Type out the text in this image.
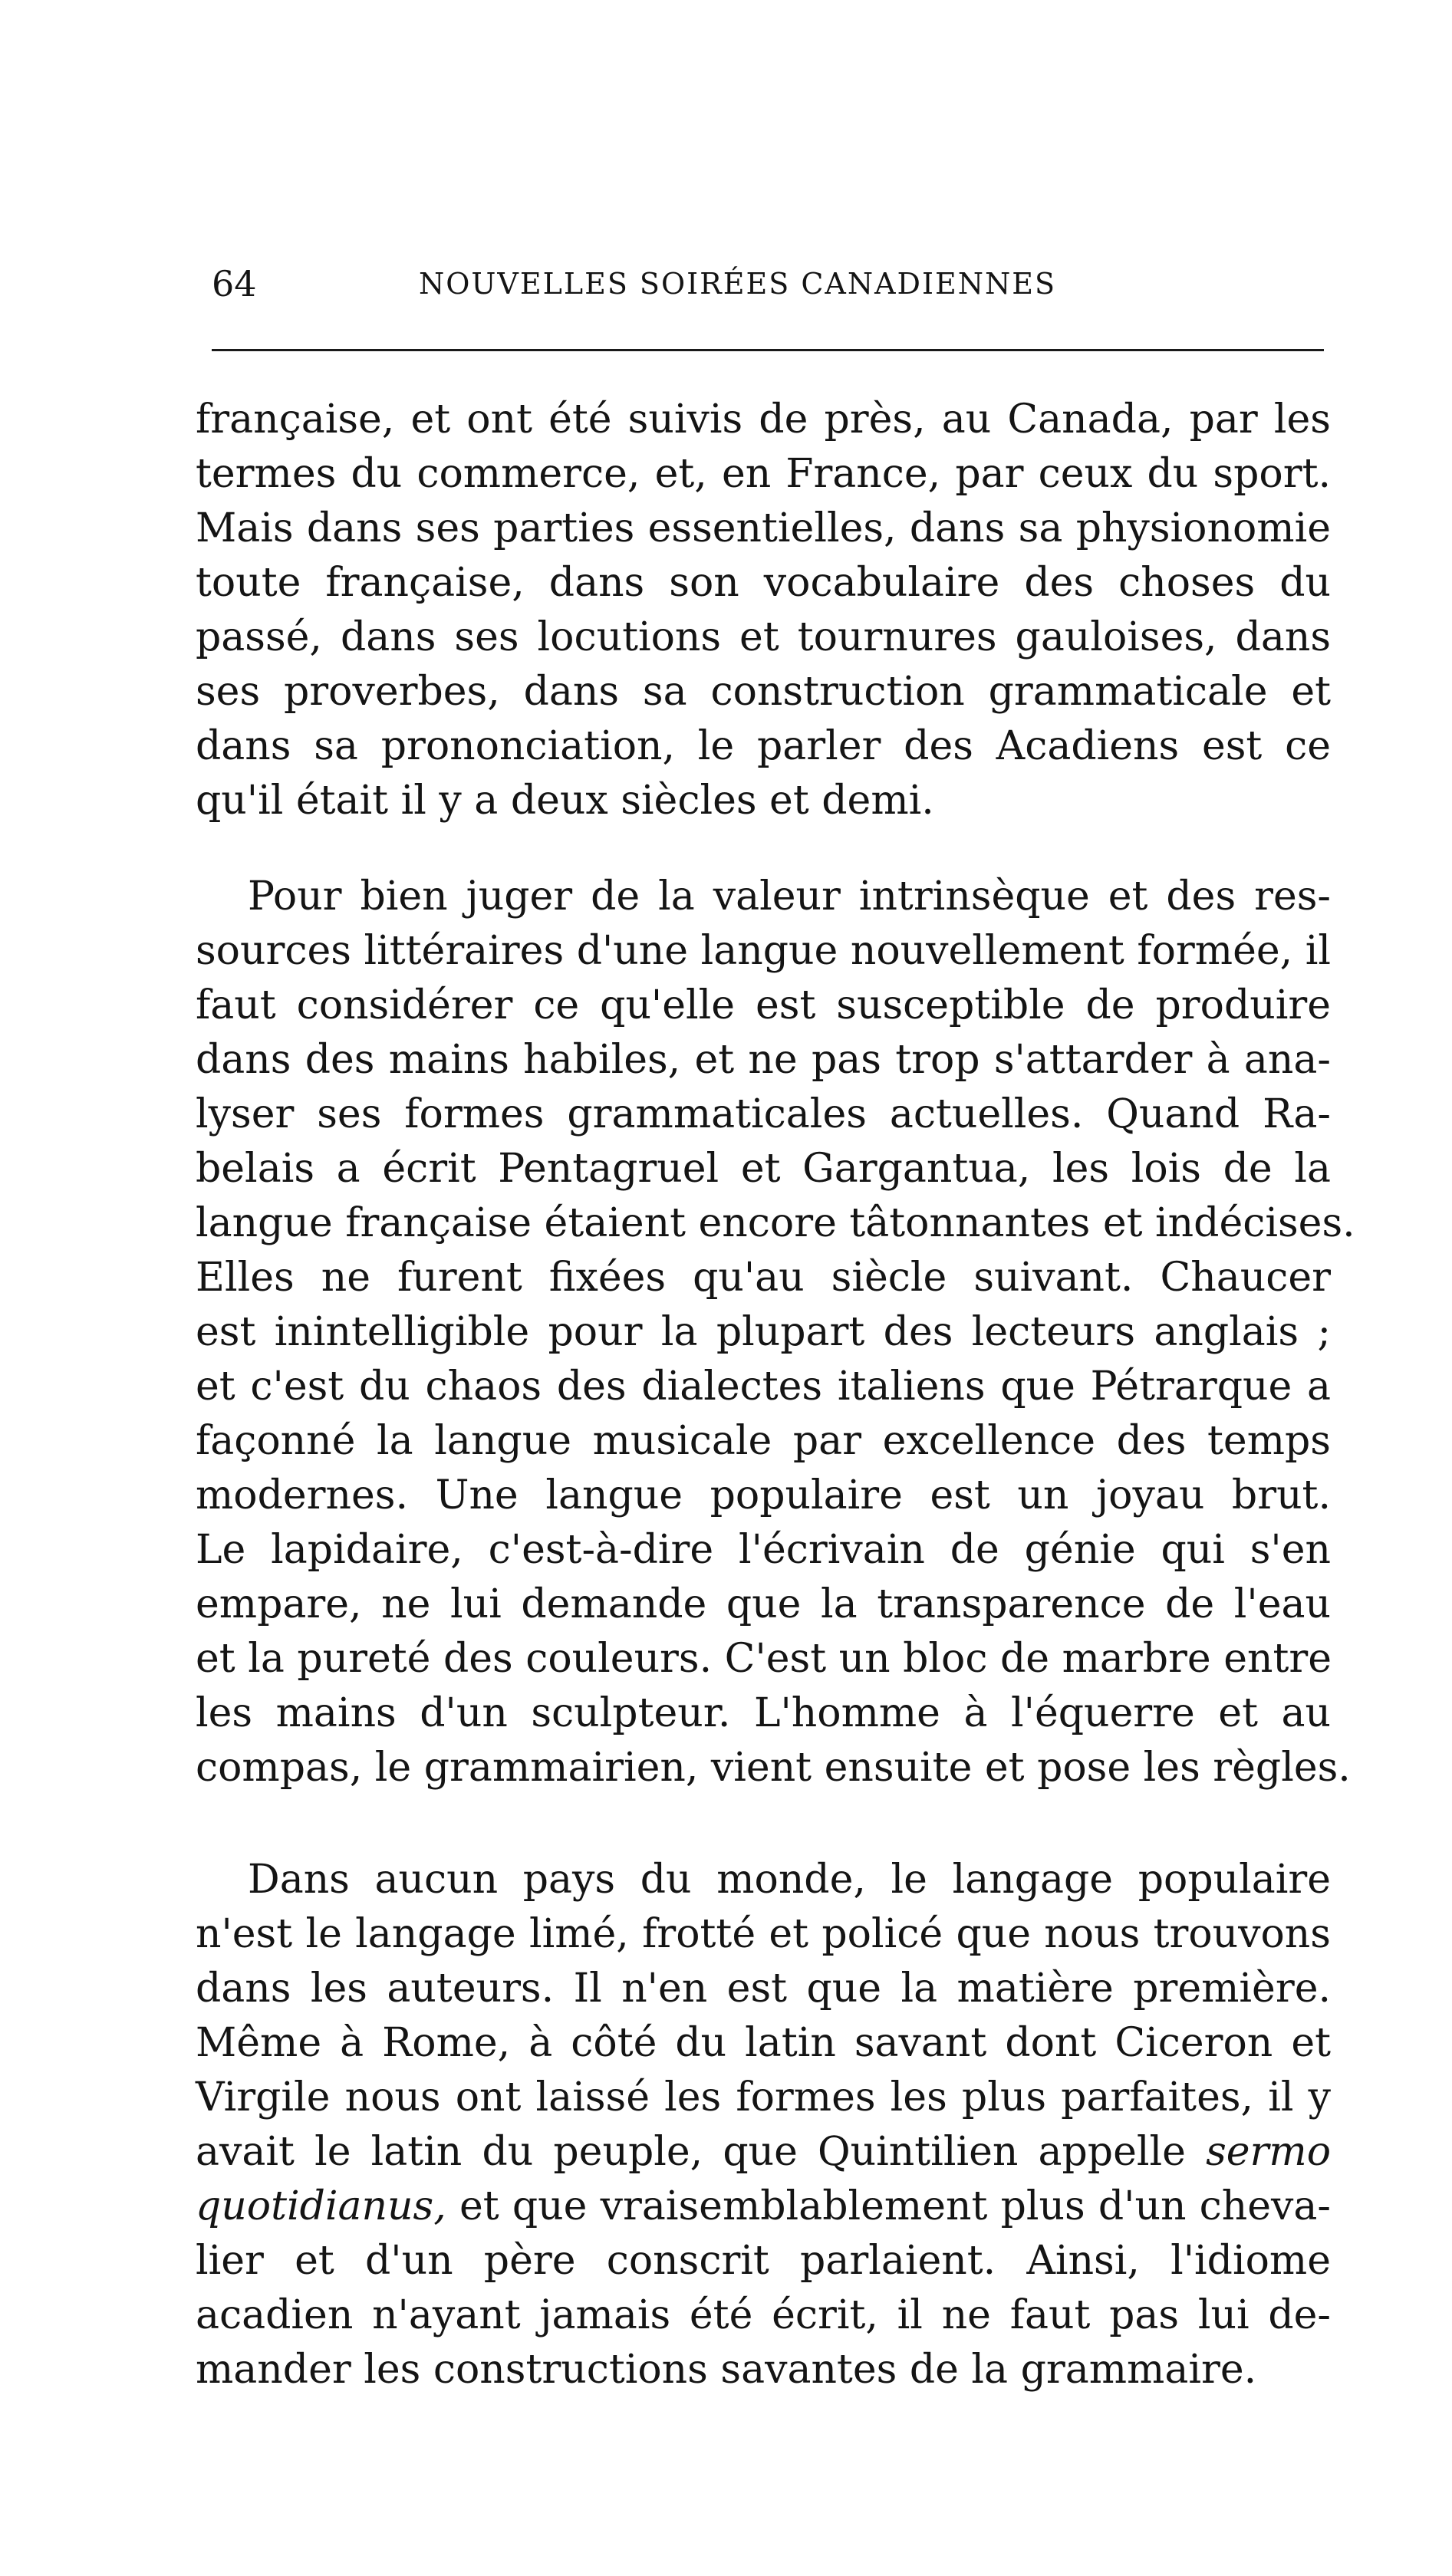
64	NOUVELLES SOIRÉES CANADIENNES
française, et ont été suivis de près, au Canada, par les
termes du commerce, et, en France, par ceux du sport.
Mais dans ses parties essentielles, dans sa physionomie
toute française, dans son vocabulaire des choses du
passé, dans ses locutions et tournures gauloises, dans
ses proverbes, dans sa construction grammaticale et
dans sa prononciation, le parler des Acadiens est ce
qu'il était il y a deux siècles et demi.
Pour bien juger de la valeur intrinsèque et des res-
sources littéraires d'une langue nouvellement formée, il
faut considérer ce qu'elle est susceptible de produire
dans des mains habiles, et ne pas trop s'attarder à ana-
lyser ses formes grammaticales actuelles. Quand Ra-
belais a écrit Pentagruel et Gargantua, les lois de la
langue française étaient encore tâtonnantes et indécises.
Elles ne furent fixées qu'au siècle suivant. Chaucer
est inintelligible pour la plupart des lecteurs anglais ;
et c'est du chaos des dialectes italiens que Pétrarque a
façonné la langue musicale par excellence des temps
modernes. Une langue populaire est un joyau brut.
Le lapidaire, c'est-à-dire l'écrivain de génie qui s'en
empare, ne lui demande que la transparence de l'eau
et la pureté des couleurs. C'est un bloc de marbre entre
les mains d'un sculpteur. L'homme à l'équerre et au
compas, le grammairien, vient ensuite et pose les règles.
Dans aucun pays du monde, le langage populaire
n'est le langage limé, frotté et policé que nous trouvons
dans les auteurs. Il n'en est que la matière première.
Même à Rome, à côté du latin savant dont Ciceron et
Virgile nous ont laissé les formes les plus parfaites, il y
avait le latin du peuple, que Quintilien appelle sermo
quotidianus, et que vraisemblablement plus d'un cheva-
lier et d'un père conscrit parlaient. Ainsi, l'idiome
acadien n'ayant jamais été écrit, il ne faut pas lui de-
mander les constructions savantes de la grammaire.
